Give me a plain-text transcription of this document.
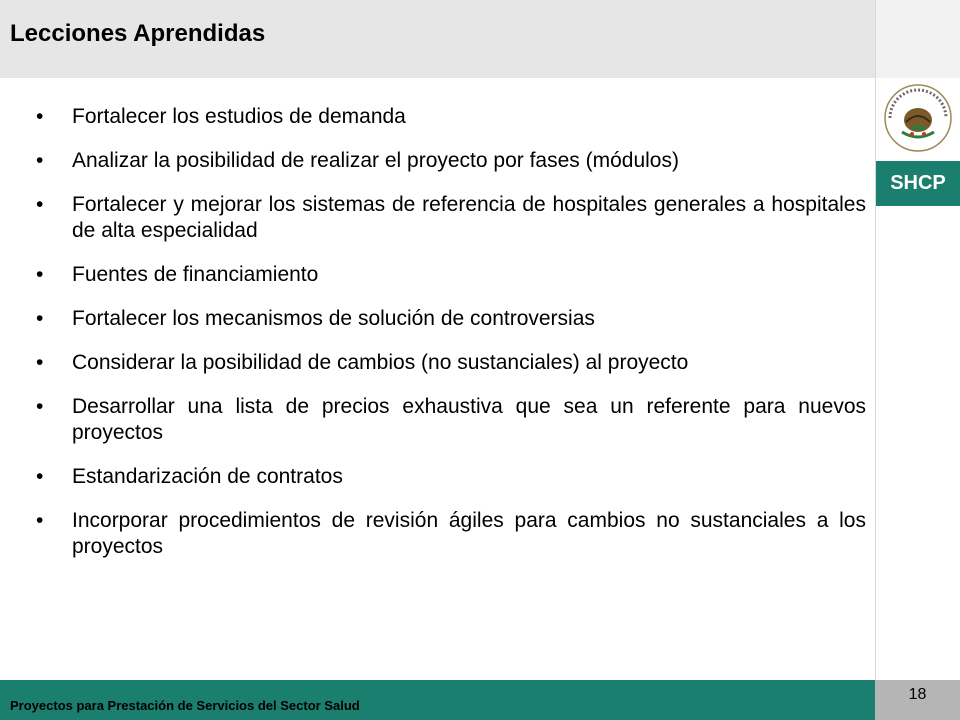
Lecciones Aprendidas
SHCP
• Fortalecer los estudios de demanda
• Analizar la posibilidad de realizar el proyecto por fases (módulos)
• Fortalecer y mejorar los sistemas de referencia de hospitales generales a hospitales de alta especialidad
• Fuentes de financiamiento
• Fortalecer los mecanismos de solución de controversias
• Considerar la posibilidad de cambios (no sustanciales) al proyecto
• Desarrollar una lista de precios exhaustiva que sea un referente para nuevos proyectos
• Estandarización de contratos
• Incorporar procedimientos de revisión ágiles para cambios no sustanciales a los proyectos
Proyectos para Prestación de Servicios del Sector Salud
18
